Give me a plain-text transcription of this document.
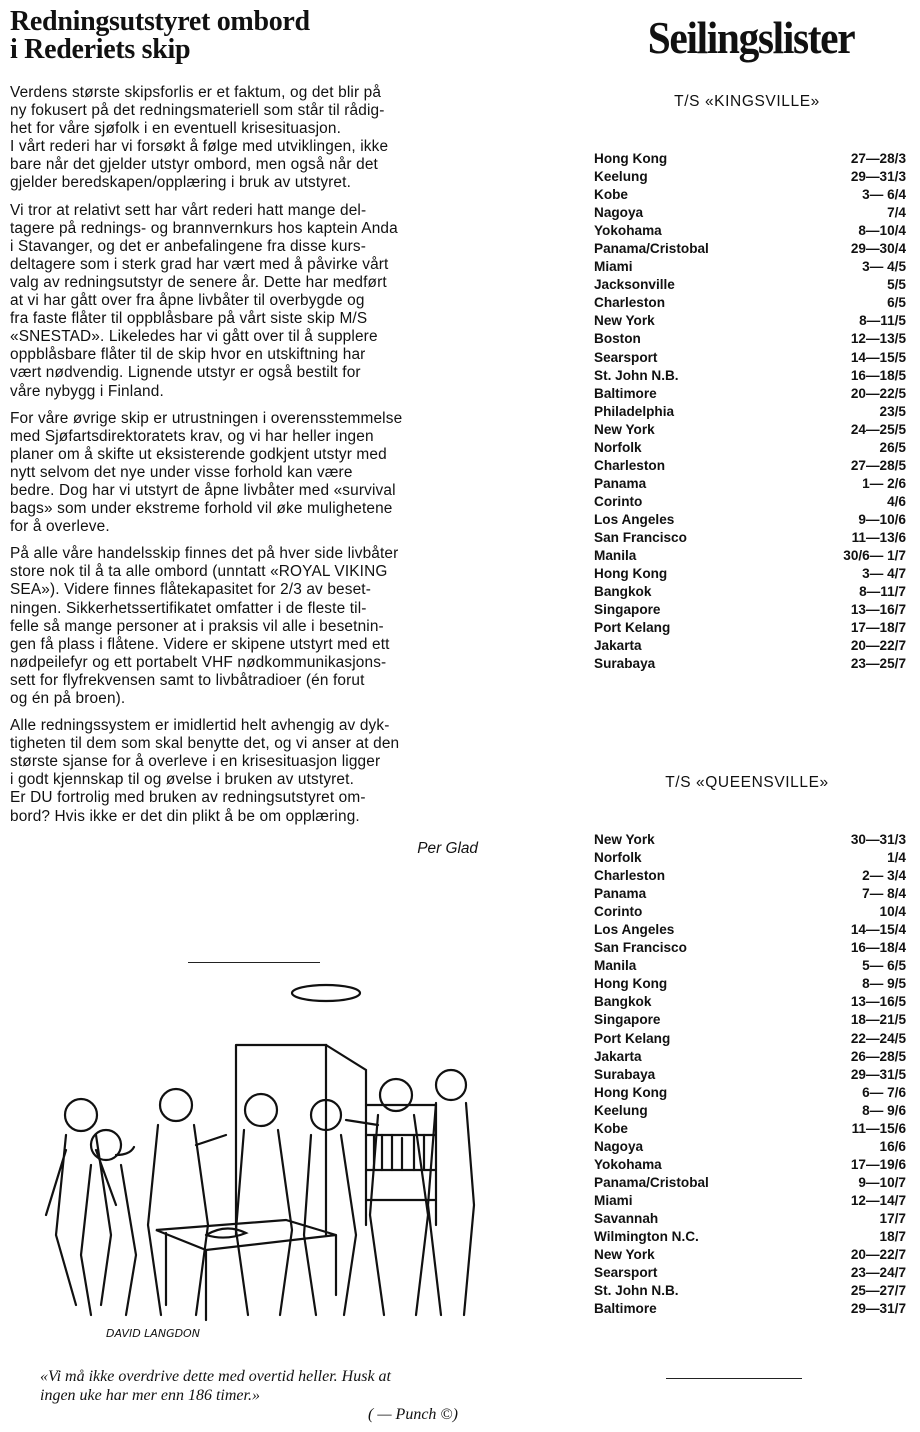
Redningsutstyret ombord
i Rederiets skip

Verdens største skipsforlis er et faktum, og det blir på
ny fokusert på det redningsmateriell som står til rådig-
het for våre sjøfolk i en eventuell krisesituasjon.
I vårt rederi har vi forsøkt å følge med utviklingen, ikke
bare når det gjelder utstyr ombord, men også når det
gjelder beredskapen/opplæring i bruk av utstyret.

Vi tror at relativt sett har vårt rederi hatt mange del-
tagere på rednings- og brannvernkurs hos kaptein Anda
i Stavanger, og det er anbefalingene fra disse kurs-
deltagere som i sterk grad har vært med å påvirke vårt
valg av redningsutstyr de senere år. Dette har medført
at vi har gått over fra åpne livbåter til overbygde og
fra faste flåter til oppblåsbare på vårt siste skip M/S
«SNESTAD». Likeledes har vi gått over til å supplere
oppblåsbare flåter til de skip hvor en utskiftning har
vært nødvendig. Lignende utstyr er også bestilt for
våre nybygg i Finland.

For våre øvrige skip er utrustningen i overensstemmelse
med Sjøfartsdirektoratets krav, og vi har heller ingen
planer om å skifte ut eksisterende godkjent utstyr med
nytt selvom det nye under visse forhold kan være
bedre. Dog har vi utstyrt de åpne livbåter med «survival
bags» som under ekstreme forhold vil øke mulighetene
for å overleve.

På alle våre handelsskip finnes det på hver side livbåter
store nok til å ta alle ombord (unntatt «ROYAL VIKING
SEA»). Videre finnes flåtekapasitet for 2/3 av beset-
ningen. Sikkerhetssertifikatet omfatter i de fleste til-
felle så mange personer at i praksis vil alle i besetnin-
gen få plass i flåtene. Videre er skipene utstyrt med ett
nødpeilefyr og ett portabelt VHF nødkommunikasjons-
sett for flyfrekvensen samt to livbåtradioer (én forut
og én på broen).

Alle redningssystem er imidlertid helt avhengig av dyk-
tigheten til dem som skal benytte det, og vi anser at den
største sjanse for å overleve i en krisesituasjon ligger
i godt kjennskap til og øvelse i bruken av utstyret.
Er DU fortrolig med bruken av redningsutstyret om-
bord? Hvis ikke er det din plikt å be om opplæring.

Per Glad
DAVID LANGDON
«Vi må ikke overdrive dette med overtid heller. Husk at
ingen uke har mer enn 186 timer.»
( — Punch ©)
Seilingslister
T/S «KINGSVILLE»
Hong Kong	27—28/3
Keelung	29—31/3
Kobe	3— 6/4
Nagoya	7/4
Yokohama	8—10/4
Panama/Cristobal	29—30/4
Miami	3— 4/5
Jacksonville	5/5
Charleston	6/5
New York	8—11/5
Boston	12—13/5
Searsport	14—15/5
St. John N.B.	16—18/5
Baltimore	20—22/5
Philadelphia	23/5
New York	24—25/5
Norfolk	26/5
Charleston	27—28/5
Panama	1— 2/6
Corinto	4/6
Los Angeles	9—10/6
San Francisco	11—13/6
Manila	30/6— 1/7
Hong Kong	3— 4/7
Bangkok	8—11/7
Singapore	13—16/7
Port Kelang	17—18/7
Jakarta	20—22/7
Surabaya	23—25/7
T/S «QUEENSVILLE»
New York	30—31/3
Norfolk	1/4
Charleston	2— 3/4
Panama	7— 8/4
Corinto	10/4
Los Angeles	14—15/4
San Francisco	16—18/4
Manila	5— 6/5
Hong Kong	8— 9/5
Bangkok	13—16/5
Singapore	18—21/5
Port Kelang	22—24/5
Jakarta	26—28/5
Surabaya	29—31/5
Hong Kong	6— 7/6
Keelung	8— 9/6
Kobe	11—15/6
Nagoya	16/6
Yokohama	17—19/6
Panama/Cristobal	9—10/7
Miami	12—14/7
Savannah	17/7
Wilmington N.C.	18/7
New York	20—22/7
Searsport	23—24/7
St. John N.B.	25—27/7
Baltimore	29—31/7
